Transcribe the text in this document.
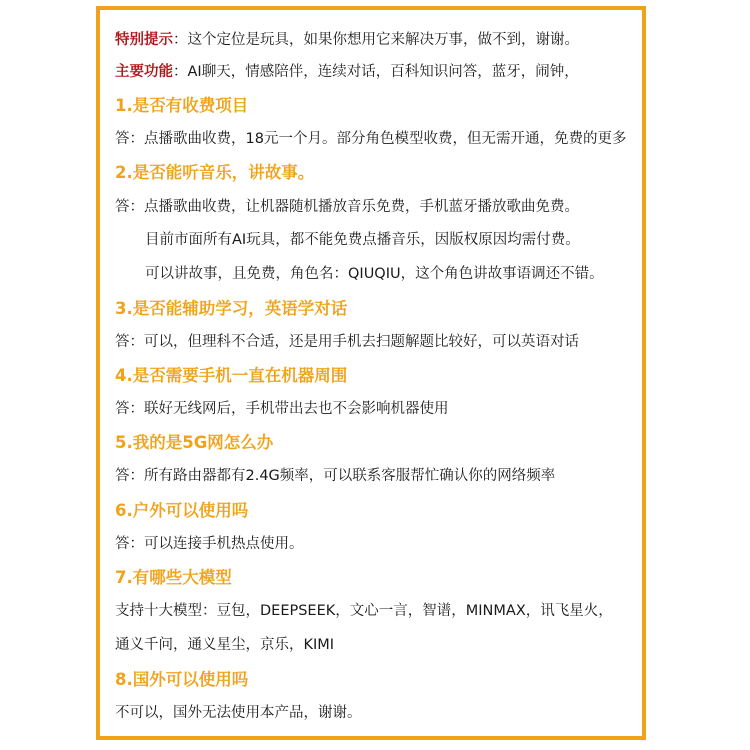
特别提示：这个定位是玩具，如果你想用它来解决万事，做不到，谢谢。
主要功能：AI聊天，情感陪伴，连续对话，百科知识问答，蓝牙，闹钟，
1.是否有收费项目
答：点播歌曲收费，18元一个月。部分角色模型收费，但无需开通，免费的更多
2.是否能听音乐，讲故事。
答：点播歌曲收费，让机器随机播放音乐免费，手机蓝牙播放歌曲免费。
目前市面所有AI玩具，都不能免费点播音乐，因版权原因均需付费。
可以讲故事，且免费，角色名：QIUQIU，这个角色讲故事语调还不错。
3.是否能辅助学习，英语学对话
答：可以，但理科不合适，还是用手机去扫题解题比较好，可以英语对话
4.是否需要手机一直在机器周围
答：联好无线网后，手机带出去也不会影响机器使用
5.我的是5G网怎么办
答：所有路由器都有2.4G频率，可以联系客服帮忙确认你的网络频率
6.户外可以使用吗
答：可以连接手机热点使用。
7.有哪些大模型
支持十大模型：豆包，DEEPSEEK，文心一言，智谱，MINMAX，讯飞星火，
通义千问，通义星尘，京乐，KIMI
8.国外可以使用吗
不可以，国外无法使用本产品，谢谢。
